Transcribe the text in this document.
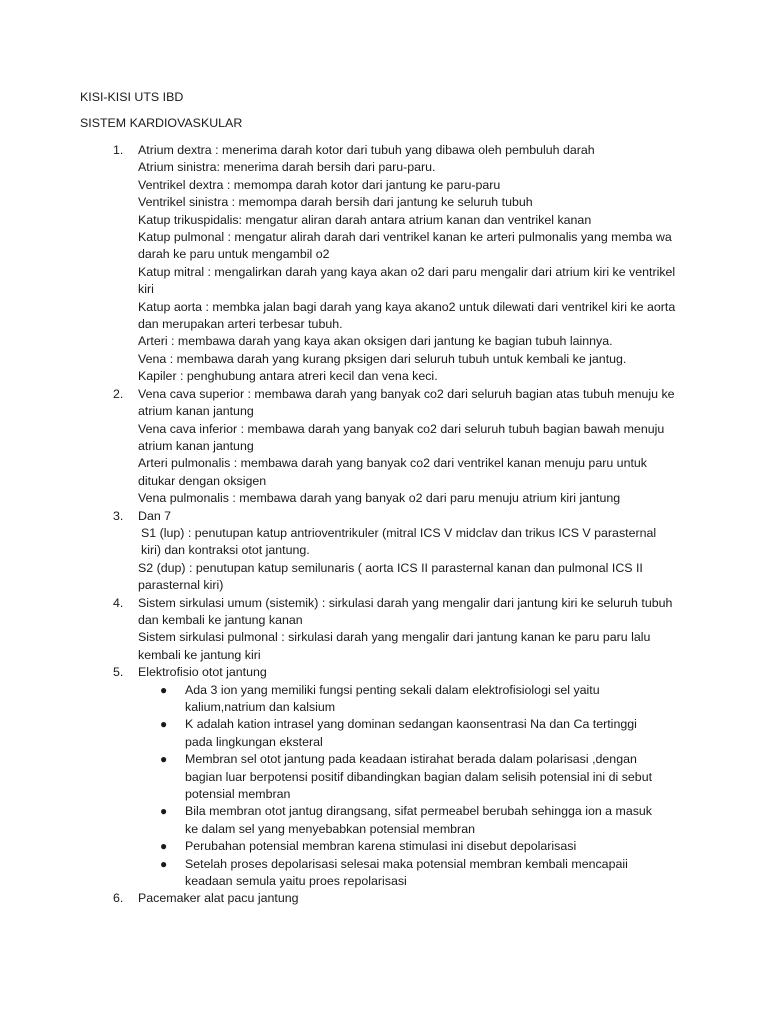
KISI-KISI UTS IBD
SISTEM KARDIOVASKULAR
1. Atrium dextra : menerima darah kotor dari tubuh yang dibawa oleh pembuluh darah
Atrium sinistra: menerima darah bersih dari paru-paru.
Ventrikel dextra : memompa darah kotor dari jantung ke paru-paru
Ventrikel sinistra : memompa darah bersih dari jantung ke seluruh tubuh
Katup trikuspidalis: mengatur aliran darah antara atrium kanan dan ventrikel kanan
Katup pulmonal : mengatur alirah darah dari ventrikel kanan ke arteri pulmonalis yang memba wa darah ke paru untuk mengambil o2
Katup mitral : mengalirkan darah yang kaya akan o2 dari paru mengalir dari atrium kiri ke ventrikel kiri
Katup aorta : membka jalan bagi darah yang kaya akano2 untuk dilewati dari ventrikel kiri ke aorta dan merupakan arteri terbesar tubuh.
Arteri : membawa darah yang kaya akan oksigen dari jantung ke bagian tubuh lainnya.
Vena : membawa darah yang kurang pksigen dari seluruh tubuh untuk kembali ke jantug.
Kapiler : penghubung antara atreri kecil dan vena keci.
2. Vena cava superior : membawa darah yang banyak co2 dari seluruh bagian atas tubuh menuju ke atrium kanan jantung
Vena cava inferior : membawa darah yang banyak co2 dari seluruh tubuh bagian bawah menuju atrium kanan jantung
Arteri pulmonalis : membawa darah yang banyak co2 dari ventrikel kanan menuju paru untuk ditukar dengan oksigen
Vena pulmonalis : membawa darah yang banyak o2 dari paru menuju atrium kiri jantung
3. Dan 7
S1 (lup) : penutupan katup antrioventrikuler (mitral ICS V midclav dan trikus ICS V parasternal kiri) dan kontraksi otot jantung.
S2 (dup) : penutupan katup semilunaris ( aorta ICS II parasternal kanan dan pulmonal ICS II parasternal kiri)
4. Sistem sirkulasi umum (sistemik) : sirkulasi darah yang mengalir dari jantung kiri ke seluruh tubuh dan kembali ke jantung kanan
Sistem sirkulasi pulmonal : sirkulasi darah yang mengalir dari jantung kanan ke paru paru lalu kembali ke jantung kiri
5. Elektrofisio otot jantung
● Ada 3 ion yang memiliki fungsi penting sekali dalam elektrofisiologi sel yaitu kalium,natrium dan kalsium
● K adalah kation intrasel yang dominan sedangan kaonsentrasi Na dan Ca tertinggi pada lingkungan eksteral
● Membran sel otot jantung pada keadaan istirahat berada dalam polarisasi ,dengan bagian luar berpotensi positif dibandingkan bagian dalam selisih potensial ini di sebut potensial membran
● Bila membran otot jantug dirangsang, sifat permeabel berubah sehingga ion a masuk ke dalam sel yang menyebabkan potensial membran
● Perubahan potensial membran karena stimulasi ini disebut depolarisasi
● Setelah proses depolarisasi selesai maka potensial membran kembali mencapaii keadaan semula yaitu proes repolarisasi
6. Pacemaker alat pacu jantung
